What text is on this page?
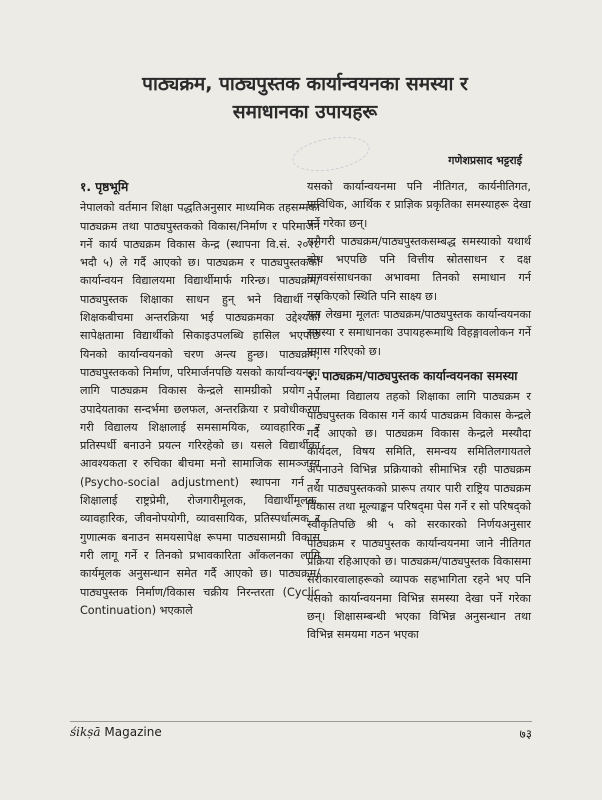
पाठ्यक्रम, पाठ्यपुस्तक कार्यान्वयनका समस्या र
समाधानका उपायहरू
गणेशप्रसाद भट्टराई
१. पृष्ठभूमि

नेपालको वर्तमान शिक्षा पद्धतिअनुसार माध्यमिक तहसम्मका पाठ्यक्रम तथा पाठ्यपुस्तकको विकास/निर्माण र परिमार्जन गर्ने कार्य पाठ्यक्रम विकास केन्द्र (स्थापना वि.सं. २०२८ भदौ ५) ले गर्दै आएको छ। पाठ्यक्रम र पाठ्यपुस्तकको कार्यान्वयन विद्यालयमा विद्यार्थीमार्फ गरिन्छ। पाठ्यक्रम/पाठ्यपुस्तक शिक्षाका साधन हुन् भने विद्यार्थी र शिक्षकबीचमा अन्तरक्रिया भई पाठ्यक्रमका उद्देश्यको सापेक्षतामा विद्यार्थीको सिकाइउपलब्धि हासिल भएपछि यिनको कार्यान्वयनको चरण अन्त्य हुन्छ। पाठ्यक्रम, पाठ्यपुस्तकको निर्माण, परिमार्जनपछि यसको कार्यान्वयनका लागि पाठ्यक्रम विकास केन्द्रले सामग्रीको प्रयोग र उपादेयताका सन्दर्भमा छलफल, अन्तरक्रिया र प्रवोधीकरण गरी विद्यालय शिक्षालाई समसामयिक, व्यावहारिक र प्रतिस्पर्धी बनाउने प्रयत्न गरिरहेको छ। यसले विद्यार्थीका आवश्यकता र रुचिका बीचमा मनो सामाजिक सामञ्जस्य (Psycho-social adjustment) स्थापना गर्न र शिक्षालाई राष्ट्रप्रेमी, रोजगारीमूलक, विद्यार्थीमूलक, व्यावहारिक, जीवनोपयोगी, व्यावसायिक, प्रतिस्पर्धात्मक र गुणात्मक बनाउन समयसापेक्ष रूपमा पाठ्यसामग्री विकास गरी लागू गर्ने र तिनको प्रभावकारिता आँकलनका लागि कार्यमूलक अनुसन्धान समेत गर्दै आएको छ। पाठ्यक्रम/पाठ्यपुस्तक निर्माण/विकास चक्रीय निरन्तरता (Cyclic Continuation) भएकाले

यसको कार्यान्वयनमा पनि नीतिगत, कार्यनीतिगत, प्राविधिक, आर्थिक र प्राज्ञिक प्रकृतिका समस्याहरू देखा पर्ने गरेका छन्।

यसैगरी पाठ्यक्रम/पाठ्यपुस्तकसम्बद्ध समस्याको यथार्थ बोध भएपछि पनि वित्तीय स्रोतसाधन र दक्ष मानवसंसाधनका अभावमा तिनको समाधान गर्न नसकिएको स्थिति पनि साक्ष्य छ।

यस लेखमा मूलतः पाठ्यक्रम/पाठ्यपुस्तक कार्यान्वयनका समस्या र समाधानका उपायहरूमाथि विहङ्गावलोकन गर्ने प्रयास गरिएको छ।

२. पाठ्यक्रम/पाठ्यपुस्तक कार्यान्वयनका समस्या

नेपालमा विद्यालय तहको शिक्षाका लागि पाठ्यक्रम र पाठ्यपुस्तक विकास गर्ने कार्य पाठ्यक्रम विकास केन्द्रले गर्दै आएको छ। पाठ्यक्रम विकास केन्द्रले मस्यौदा कार्यदल, विषय समिति, समन्वय समितिलगायतले अपनाउने विभिन्न प्रक्रियाको सीमाभित्र रही पाठ्यक्रम तथा पाठ्यपुस्तकको प्रारूप तयार पारी राष्ट्रिय पाठ्यक्रम विकास तथा मूल्याङ्कन परिषद्‌मा पेस गर्ने र सो परिषद्को स्वीकृतिपछि श्री ५ को सरकारको निर्णयअनुसार पाठ्यक्रम र पाठ्यपुस्तक कार्यान्वयनमा जाने नीतिगत प्रक्रिया रहिआएको छ। पाठ्यक्रम/पाठ्यपुस्तक विकासमा सरोकारवालाहरूको व्यापक सहभागिता रहने भए पनि यसको कार्यान्वयनमा विभिन्न समस्या देखा पर्ने गरेका छन्। शिक्षासम्बन्धी भएका विभिन्न अनुसन्धान तथा विभिन्न समयमा गठन भएका

śikṣā Magazine	७३
